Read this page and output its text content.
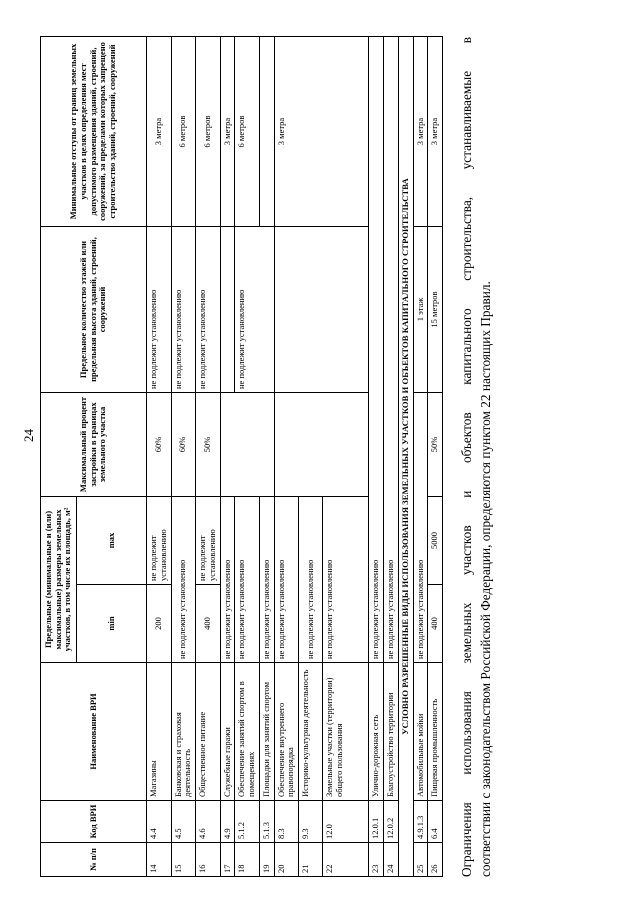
24
№ п/п	Код ВРИ	Наименование ВРИ	Предельные (минимальные и (или) максимальные) размеры земельных участков, в том числе их площадь, м²		Максимальный процент застройки в границах земельного участка	Предельное количество этажей или предельная высота зданий, строений, сооружений	Минимальные отступы от границ земельных участков в целях определения мест допустимого размещения зданий, строений, сооружений, за пределами которых запрещено строительство зданий, строений, сооружений
			min	max			
14	4.4	Магазины	200	не подлежит установлению	60%	не подлежит установлению	3 метра
15	4.5	Банковская и страховая деятельность	не подлежит установлению		60%	не подлежит установлению	6 метров
16	4.6	Общественное питание	400	не подлежит установлению	50%	не подлежит установлению	6 метров
17	4.9	Служебные гаражи	не подлежит установлению				3 метра
18	5.1.2	Обеспечение занятий спортом в помещениях	не подлежит установлению			не подлежит установлению	6 метров
19	5.1.3	Площадки для занятий спортом	не подлежит установлению				
20	8.3	Обеспечение внутреннего правопорядка	не подлежит установлению				3 метра
21	9.3	Историко-культурная деятельность	не подлежит установлению				
22	12.0	Земельные участки (территории) общего пользования	не подлежит установлению				
23	12.0.1	Улично-дорожная сеть	не подлежит установлению				
24	12.0.2	Благоустройство территории	не подлежит установлению				
УСЛОВНО РАЗРЕШЕННЫЕ ВИДЫ ИСПОЛЬЗОВАНИЯ ЗЕМЕЛЬНЫХ УЧАСТКОВ И ОБЪЕКТОВ КАПИТАЛЬНОГО СТРОИТЕЛЬСТВА							
25	4.9.1.3	Автомобильные мойки	не подлежит установлению			1 этаж	3 метра
26	6.4	Пищевая промышленность	400	5000	50%	15 метров	3 метра Ограничения использования земельных участков и объектов капитального строительства, устанавливаемые в соответствии с законодательством Российской Федерации, определяются пунктом 22 настоящих Правил.
